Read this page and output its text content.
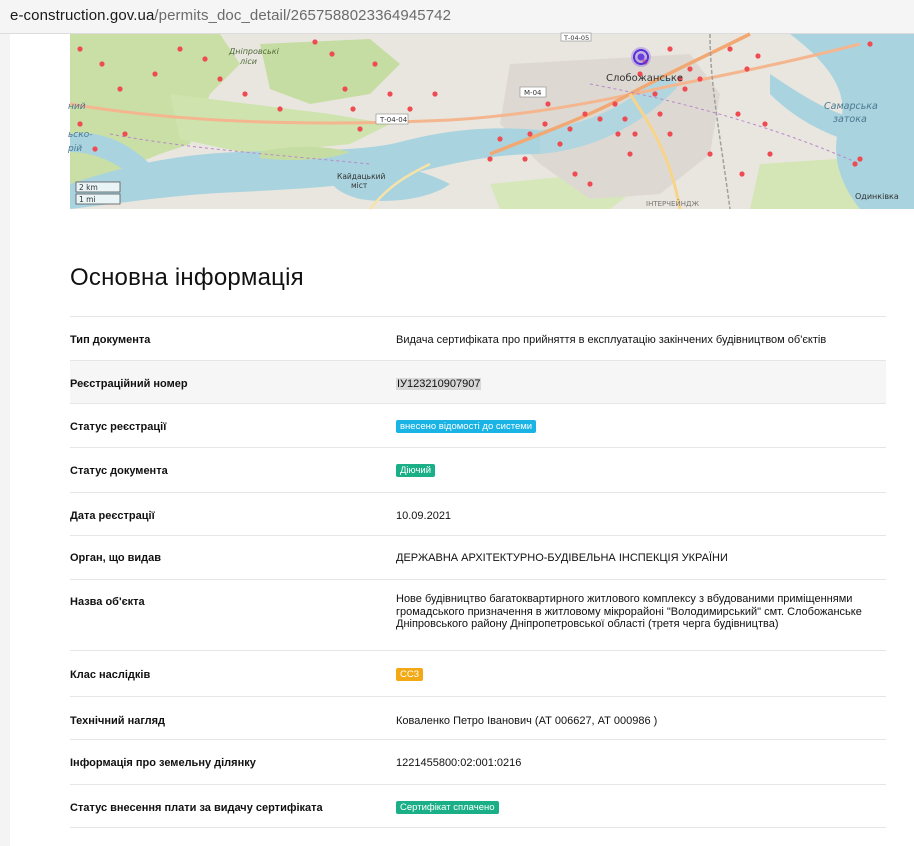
e-construction.gov.ua/permits_doc_detail/2657588023364945742
2 km
1 mi
Т-04-04
М-04
Т-04-05
Дніпровські
ліси
Слобожанське
Самарська
затока
Кайдацький
міст
Одинківка
ІНТЕРЧЕЙНДЖ
ний
ьско-
рій
Основна інформація
Тип документа	Видача сертифіката про прийняття в експлуатацію закінчених будівництвом об'єктів
Реєстраційний номер	ІУ123210907907
Статус реєстрації	внесено відомості до системи
Статус документа	Діючий
Дата реєстрації	10.09.2021
Орган, що видав	ДЕРЖАВНА АРХІТЕКТУРНО-БУДІВЕЛЬНА ІНСПЕКЦІЯ УКРАЇНИ
Назва об'єкта	Нове будівництво багатоквартирного житлового комплексу з вбудованими приміщеннями громадського призначення в житловому мікрорайоні "Володимирський" смт. Слобожанське Дніпровського району Дніпропетровської області (третя черга будівництва)
Клас наслідків	СС3
Технічний нагляд	Коваленко Петро Іванович (АТ 006627, АТ 000986 )
Інформація про земельну ділянку	1221455800:02:001:0216
Статус внесення плати за видачу сертифіката	Сертифікат сплачено
